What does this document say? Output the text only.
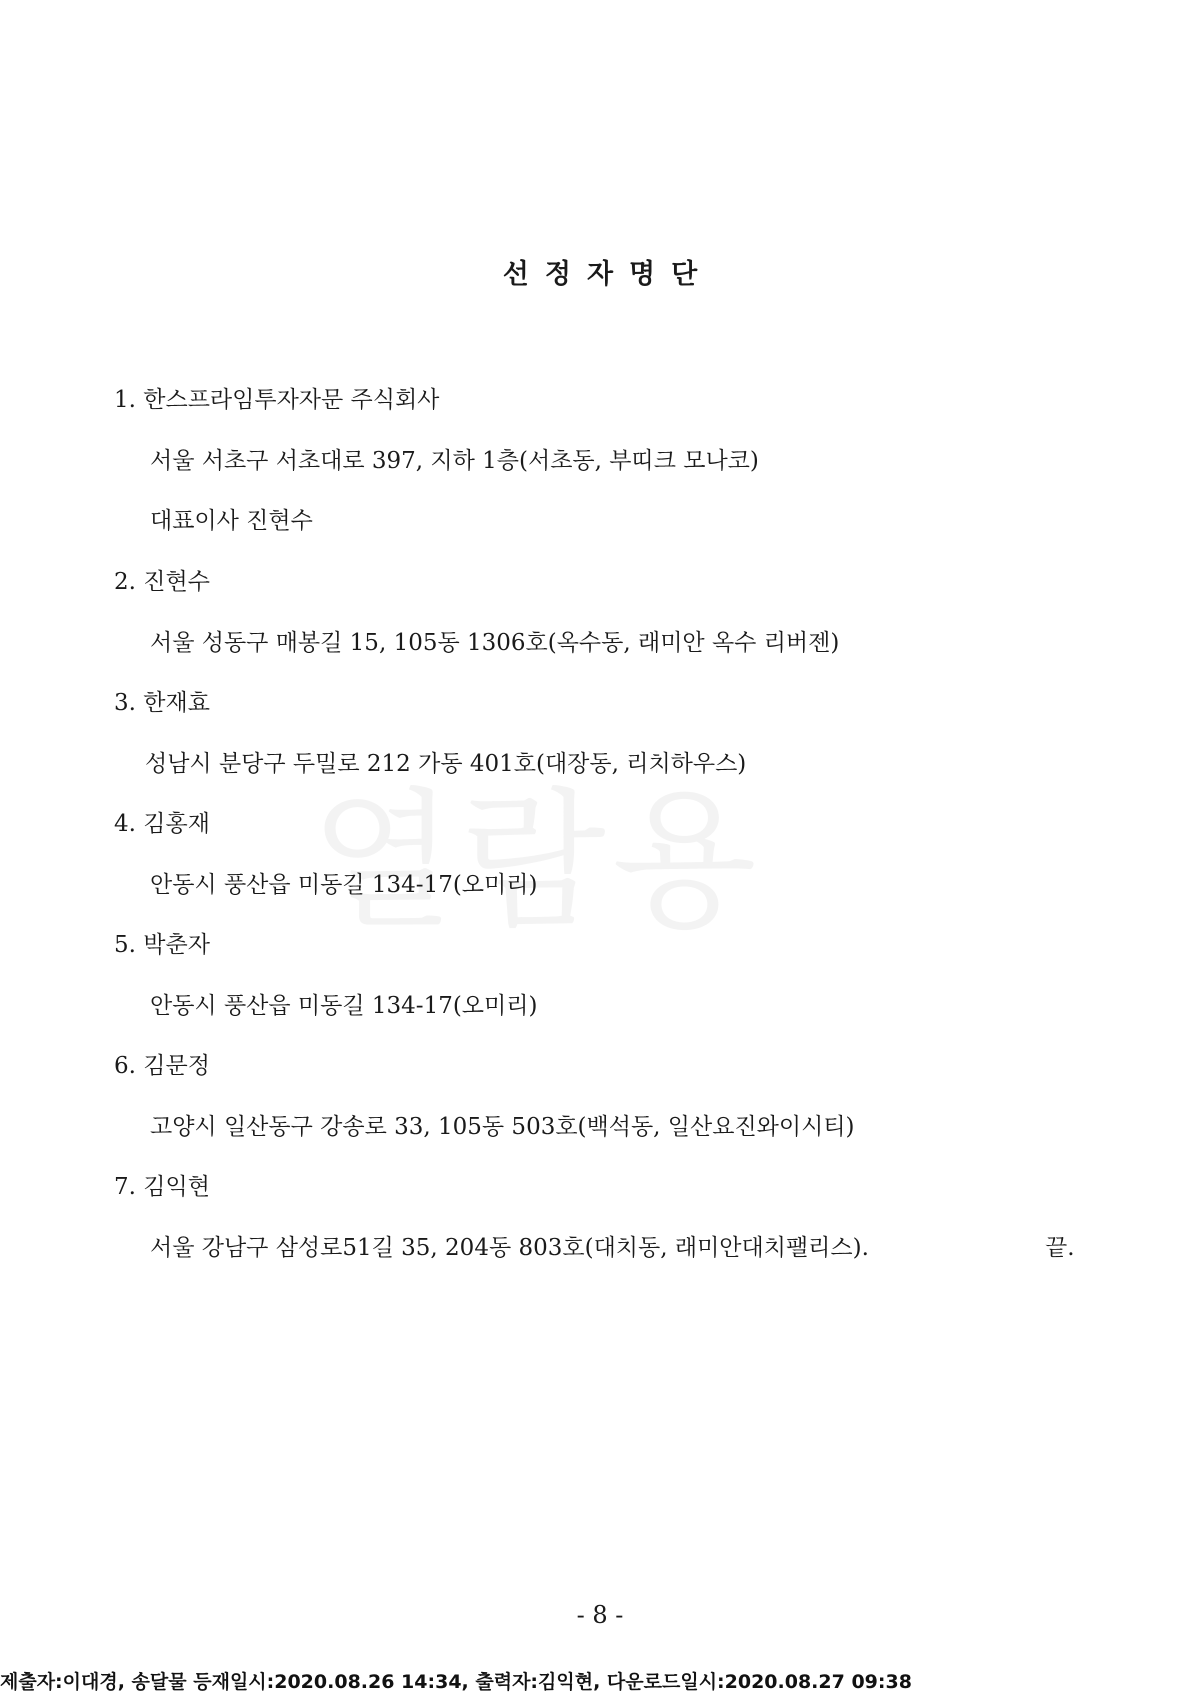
선정자명단
1. 한스프라임투자자문 주식회사
서울 서초구 서초대로 397, 지하 1층(서초동, 부띠크 모나코)
대표이사 진현수
2. 진현수
서울 성동구 매봉길 15, 105동 1306호(옥수동, 래미안 옥수 리버젠)
3. 한재효
성남시 분당구 두밀로 212 가동 401호(대장동, 리치하우스)
4. 김홍재
안동시 풍산읍 미동길 134-17(오미리)
5. 박춘자
안동시 풍산읍 미동길 134-17(오미리)
6. 김문정
고양시 일산동구 강송로 33, 105동 503호(백석동, 일산요진와이시티)
7. 김익현
서울 강남구 삼성로51길 35, 204동 803호(대치동, 래미안대치팰리스).	끝.
- 8 -
제출자:이대경, 송달물 등재일시:2020.08.26 14:34, 출력자:김익현, 다운로드일시:2020.08.27 09:38
